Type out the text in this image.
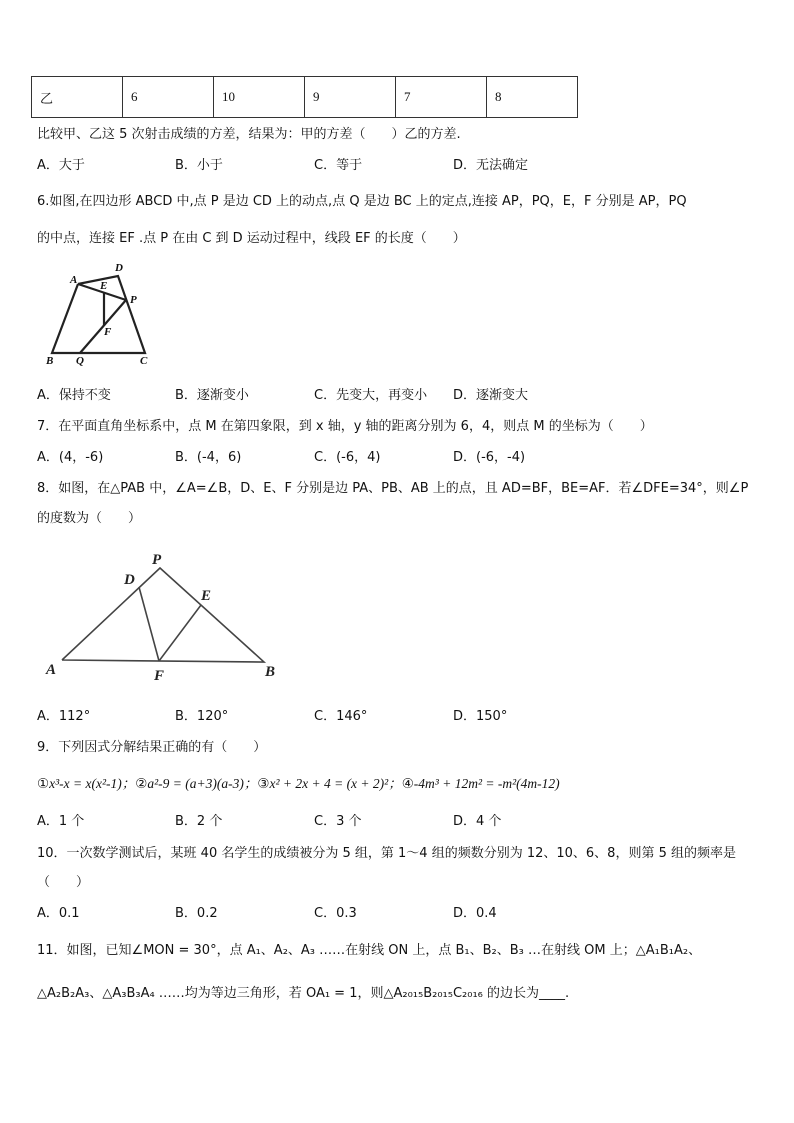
乙	6	10	9	7	8
比较甲、乙这 5 次射击成绩的方差，结果为：甲的方差（　　）乙的方差.
A．大于	B．小于	C．等于	D．无法确定
6.如图,在四边形 ABCD 中,点 P 是边 CD 上的动点,点 Q 是边 BC 上的定点,连接 AP，PQ，E，F 分别是 AP，PQ
的中点，连接 EF .点 P 在由 C 到 D 运动过程中，线段 EF 的长度（　　）
A
D
E
P
F
B Q	C
A．保持不变	B．逐渐变小	C．先变大，再变小 D．逐渐变大
7．在平面直角坐标系中，点 M 在第四象限，到 x 轴，y 轴的距离分别为 6，4，则点 M 的坐标为（　　）
A．(4，-6)	B．(-4，6)	C．(-6，4)	D．(-6，-4)
8．如图，在△PAB 中，∠A=∠B，D、E、F 分别是边 PA、PB、AB 上的点，且 AD=BF，BE=AF．若∠DFE=34°，则∠P
的度数为（　　）
P
D
E
A	F	B
A．112°	B．120°	C．146°	D．150°
9．下列因式分解结果正确的有（　　）
①x³-x = x(x²-1)；②a²-9 = (a+3)(a-3)；③x² + 2x + 4 = (x + 2)²；④-4m³ + 12m² = -m²(4m-12)
A．1 个	B．2 个	C．3 个	D．4 个
10．一次数学测试后，某班 40 名学生的成绩被分为 5 组，第 1～4 组的频数分别为 12、10、6、8，则第 5 组的频率是
（　　）
A．0.1	B．0.2	C．0.3	D．0.4
11．如图，已知∠MON = 30°，点 A₁、A₂、A₃ ……在射线 ON 上，点 B₁、B₂、B₃ …在射线 OM 上；△A₁B₁A₂、
△A₂B₂A₃、△A₃B₃A₄ ……均为等边三角形，若 OA₁ = 1，则△A₂₀₁₅B₂₀₁₅C₂₀₁₆ 的边长为____.
